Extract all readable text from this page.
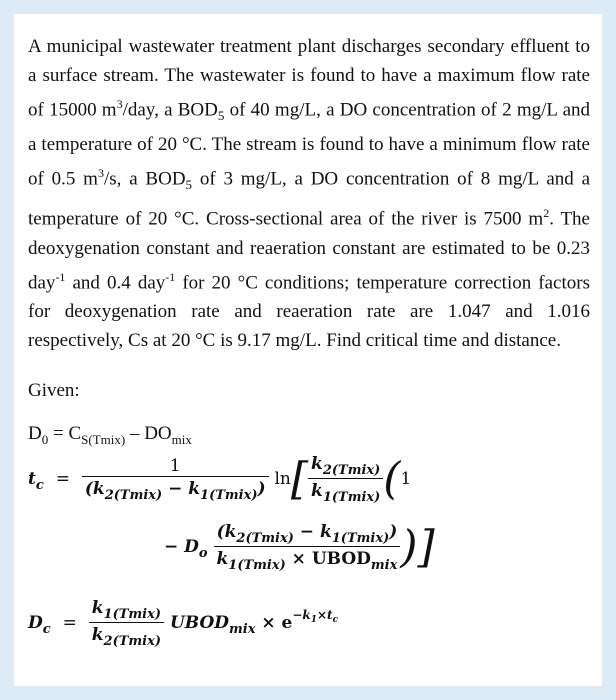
A municipal wastewater treatment plant discharges secondary effluent to a surface stream. The wastewater is found to have a maximum flow rate of 15000 $m^3$/day, a $BOD_5$ of 40 mg/L, a DO concentration of 2 mg/L and a temperature of 20 °C. The stream is found to have a minimum flow rate of 0.5 $m^3/s$, a $BOD_5$ of 3 mg/L, a DO concentration of 8 mg/L and a temperature of 20 °C. Cross-sectional area of the river is 7500 $m^2$. The deoxygenation constant and reaeration constant are estimated to be 0.23 day$^{-1}$ and 0.4 day$^{-1}$ for 20 °C conditions; temperature correction factors for deoxygenation rate and reaeration rate are 1.047 and 1.016 respectively, Cs at 20 °C is 9.17 mg/L. Find critical time and distance.

Given:
$D_0 = C_{S(Tmix)} - DO_{mix}$
$t_c = \frac{1}{(k_{2(Tmix)} - k_{1(Tmix)})} \ln[ \frac{k_{2(Tmix)}}{k_{1(Tmix)}} (1$
− $D_o \frac{(k_{2(Tmix)} - k_{1(Tmix)})}{k_{1(Tmix)} \times UBOD_{mix}}$ )]
$D_c = \frac{k_{1(Tmix)}}{k_{2(Tmix)}}$ $UBOD_{mix} \times e^{-k_1\times t_c}$
